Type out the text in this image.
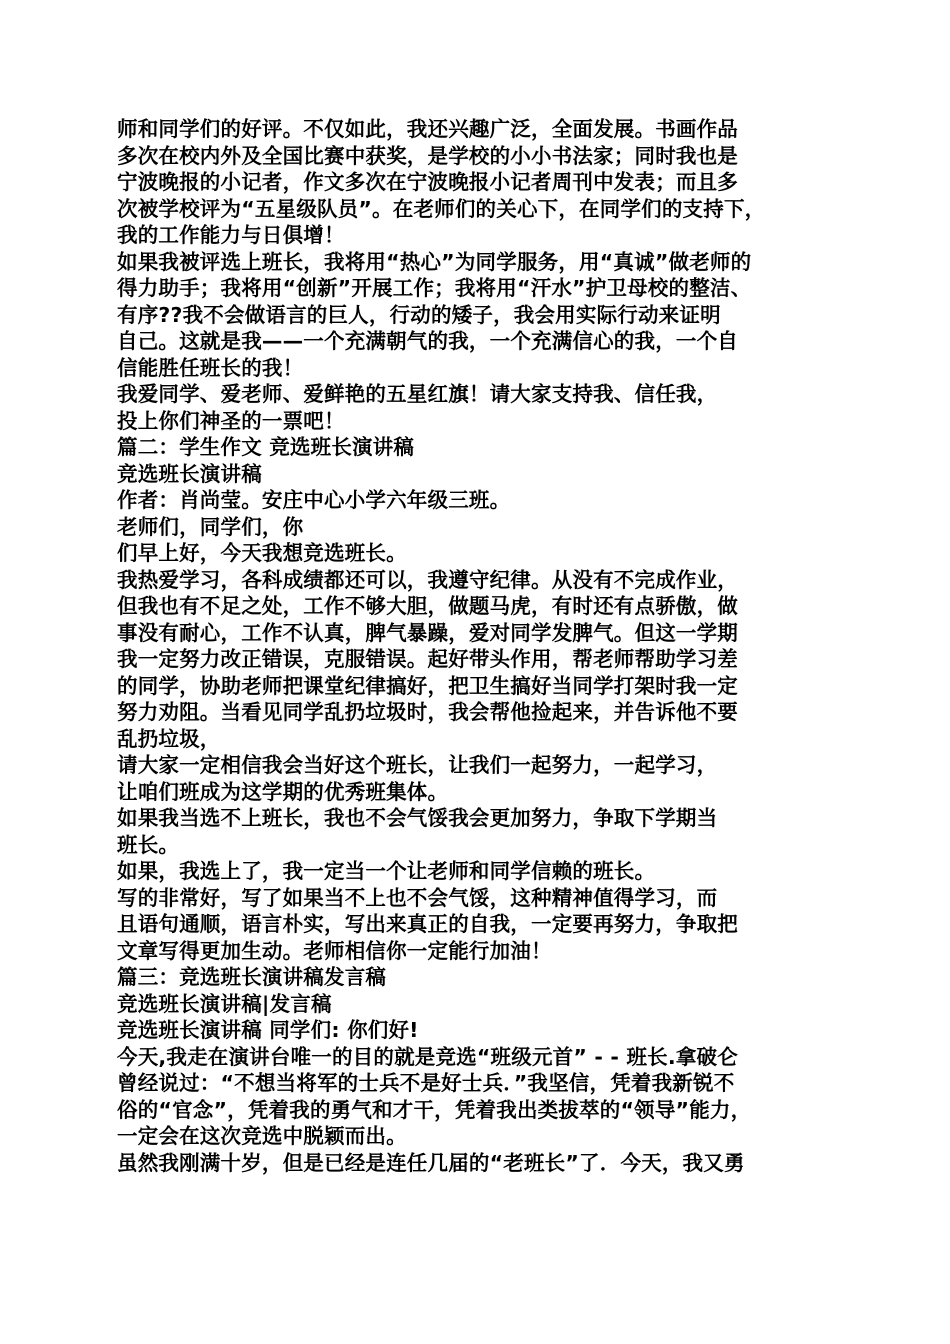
师和同学们的好评。不仅如此，我还兴趣广泛，全面发展。书画作品
多次在校内外及全国比赛中获奖，是学校的小小书法家；同时我也是
宁波晚报的小记者，作文多次在宁波晚报小记者周刊中发表；而且多
次被学校评为“五星级队员”。在老师们的关心下，在同学们的支持下，
我的工作能力与日俱增！
如果我被评选上班长，我将用“热心”为同学服务，用“真诚”做老师的
得力助手；我将用“创新”开展工作；我将用“汗水”护卫母校的整洁、
有序??我不会做语言的巨人，行动的矮子，我会用实际行动来证明
自己。这就是我——一个充满朝气的我，一个充满信心的我，一个自
信能胜任班长的我！
我爱同学、爱老师、爱鲜艳的五星红旗！请大家支持我、信任我，
投上你们神圣的一票吧！
篇二：学生作文 竞选班长演讲稿
竞选班长演讲稿
作者：肖尚莹。安庄中心小学六年级三班。
老师们，同学们，你
们早上好，今天我想竞选班长。
我热爱学习，各科成绩都还可以，我遵守纪律。从没有不完成作业，
但我也有不足之处，工作不够大胆，做题马虎，有时还有点骄傲，做
事没有耐心，工作不认真，脾气暴躁，爱对同学发脾气。但这一学期
我一定努力改正错误，克服错误。起好带头作用，帮老师帮助学习差
的同学，协助老师把课堂纪律搞好，把卫生搞好当同学打架时我一定
努力劝阻。当看见同学乱扔垃圾时，我会帮他捡起来，并告诉他不要
乱扔垃圾，
请大家一定相信我会当好这个班长，让我们一起努力，一起学习，
让咱们班成为这学期的优秀班集体。
如果我当选不上班长，我也不会气馁我会更加努力，争取下学期当
班长。
如果，我选上了，我一定当一个让老师和同学信赖的班长。
写的非常好，写了如果当不上也不会气馁，这种精神值得学习，而
且语句通顺，语言朴实，写出来真正的自我，一定要再努力，争取把
文章写得更加生动。老师相信你一定能行加油！
篇三：竞选班长演讲稿发言稿
竞选班长演讲稿|发言稿
竞选班长演讲稿 同学们: 你们好!
今天,我走在演讲台唯一的目的就是竞选“班级元首” - - 班长.拿破仑
曾经说过：“不想当将军的士兵不是好士兵．”我坚信，凭着我新锐不
俗的“官念”，凭着我的勇气和才干，凭着我出类拔萃的“领导”能力，
一定会在这次竞选中脱颖而出。
虽然我刚满十岁，但是已经是连任几届的“老班长”了．今天，我又勇
